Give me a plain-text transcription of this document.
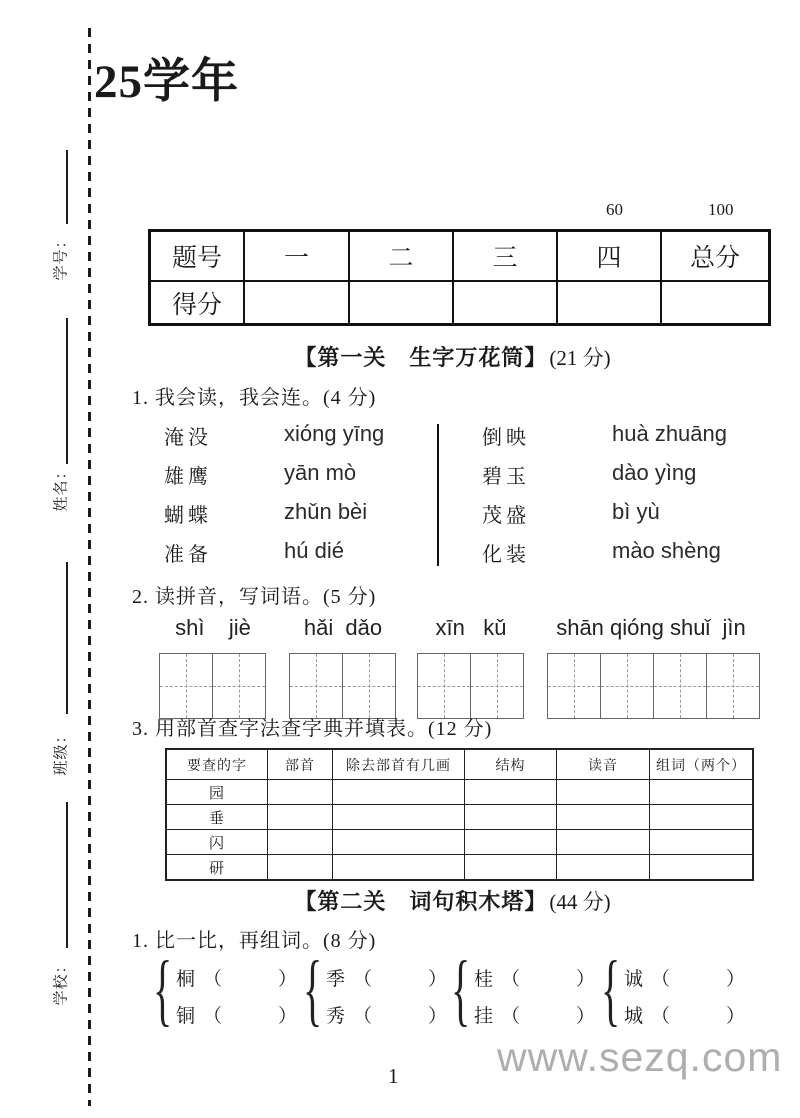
学号：
姓名：
班级：
学校：
25学年
60	100
题号	一	二	三	四	总分
得分					
【第一关　生字万花筒】(21 分)
1. 我会读，我会连。(4 分)
淹没
雄鹰
蝴蝶
准备
xióng yīng
yān mò
zhǔn bèi
hú dié
倒映
碧玉
茂盛
化装
huà zhuāng
dào yìng
bì yù
mào shèng
2. 读拼音，写词语。(5 分)
shì    jiè	hǎi  dǎo	xīn   kǔ	shān qióng shuǐ  jìn
3. 用部首查字法查字典并填表。(12 分)
要查的字	部首	除去部首有几画	结构	读音	组词（两个）
园					
垂					
闪					
研					
【第二关　词句积木塔】(44 分)
1. 比一比，再组词。(8 分)
{ 桐 （	）
铜 （	） { 季 （	）
秀 （	） { 桂 （	）
挂 （	） { 诚 （	）
城 （	）
1 www.sezq.com
